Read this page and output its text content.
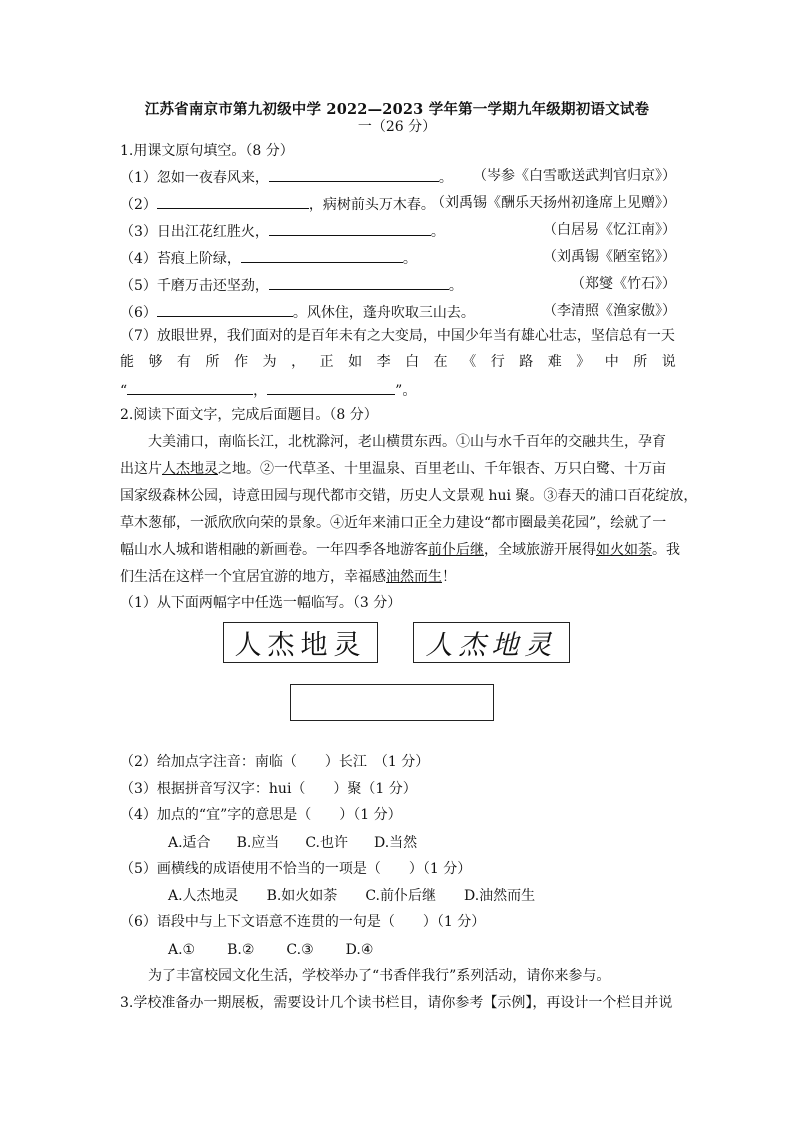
江苏省南京市第九初级中学 2022—2023 学年第一学期九年级期初语文试卷
一（26 分）
1.用课文原句填空。（8 分）
（1）忽如一夜春风来，	。 （岑参《白雪歌送武判官归京》）
（2）	，病树前头万木春。
（刘禹锡《酬乐天扬州初逢席上见赠》）
（3）日出江花红胜火，	。	（白居易《忆江南》）
（4）苔痕上阶绿，	。	（刘禹锡《陋室铭》）
（5）千磨万击还坚劲，	。	（郑燮《竹石》）
（6）	。风休住，蓬舟吹取三山去。	（李清照《渔家傲》）
（7）放眼世界，我们面对的是百年未有之大变局，中国少年当有雄心壮志，坚信总有一天
能 够 有 所 作 为 ， 正 如 李 白 在 《 行 路 难 》 中 所 说
“	，	”。
2.阅读下面文字，完成后面题目。（8 分）
大美浦口，南临长江，北枕滁河，老山横贯东西。①山与水千百年的交融共生，孕育
出这片人杰地灵之地。②一代草圣、十里温泉、百里老山、千年银杏、万只白鹭、十万亩
国家级森林公园，诗意田园与现代都市交错，历史人文景观 hui 聚。③春天的浦口百花绽放，
草木葱郁，一派欣欣向荣的景象。④近年来浦口正全力建设“都市圈最美花园”，绘就了一
幅山水人城和谐相融的新画卷。一年四季各地游客前仆后继，全域旅游开展得如火如荼。我
们生活在这样一个宜居宜游的地方，幸福感油然而生！
（1）从下面两幅字中任选一幅临写。（3 分）
人杰地灵	人杰地灵
（2）给加点字注音：南临（　　）长江　（1 分）
（3）根据拼音写汉字：hui（　　）聚（1 分）
（4）加点的“宜”字的意思是（　　）（1 分）
A.适合 B.应当 C.也许 D.当然
（5）画横线的成语使用不恰当的一项是（　　）（1 分）
A.人杰地灵 B.如火如荼 C.前仆后继 D.油然而生
（6）语段中与上下文语意不连贯的一句是（　　）（1 分）
A.① B.② C.③ D.④
为了丰富校园文化生活，学校举办了“书香伴我行”系列活动，请你来参与。
3.学校准备办一期展板，需要设计几个读书栏目，请你参考【示例】，再设计一个栏目并说
